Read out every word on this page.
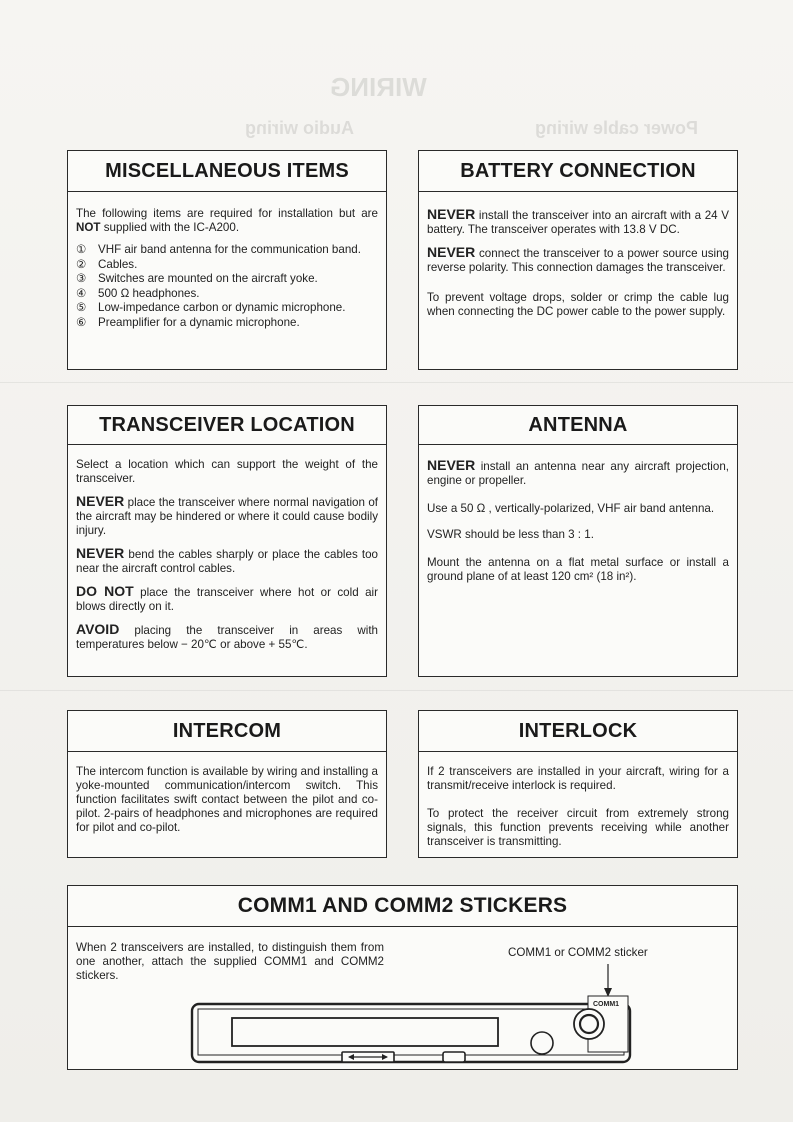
WIRING
Power cable wiring
Audio wiring
MISCELLANEOUS ITEMS

The following items are required for installation but are NOT supplied with the IC-A200.

① VHF air band antenna for the communication band.
② Cables.
③ Switches are mounted on the aircraft yoke.
④ 500 Ω headphones.
⑤ Low-impedance carbon or dynamic microphone.
⑥ Preamplifier for a dynamic microphone.
BATTERY CONNECTION

NEVER install the transceiver into an aircraft with a 24 V battery. The transceiver operates with 13.8 V DC.

NEVER connect the transceiver to a power source using reverse polarity. This connection damages the transceiver.

To prevent voltage drops, solder or crimp the cable lug when connecting the DC power cable to the power supply.

TRANSCEIVER LOCATION

Select a location which can support the weight of the transceiver.

NEVER place the transceiver where normal navigation of the aircraft may be hindered or where it could cause bodily injury.

NEVER bend the cables sharply or place the cables too near the aircraft control cables.

DO NOT place the transceiver where hot or cold air blows directly on it.

AVOID placing the transceiver in areas with temperatures below − 20℃ or above + 55℃.

ANTENNA

NEVER install an antenna near any aircraft projection, engine or propeller.

Use a 50 Ω , vertically-polarized, VHF air band antenna.

VSWR should be less than 3 : 1.

Mount the antenna on a flat metal surface or install a ground plane of at least 120 cm² (18 in²).

INTERCOM

The intercom function is available by wiring and installing a yoke-mounted communication/intercom switch. This function facilitates swift contact between the pilot and co-pilot. 2-pairs of headphones and microphones are required for pilot and co-pilot.

INTERLOCK

If 2 transceivers are installed in your aircraft, wiring for a transmit/receive interlock is required.

To protect the receiver circuit from extremely strong signals, this function prevents receiving while another transceiver is transmitting.

COMM1 AND COMM2 STICKERS

When 2 transceivers are installed, to distinguish them from one another, attach the supplied COMM1 and COMM2 stickers.

COMM1 or COMM2 sticker
COMM1
